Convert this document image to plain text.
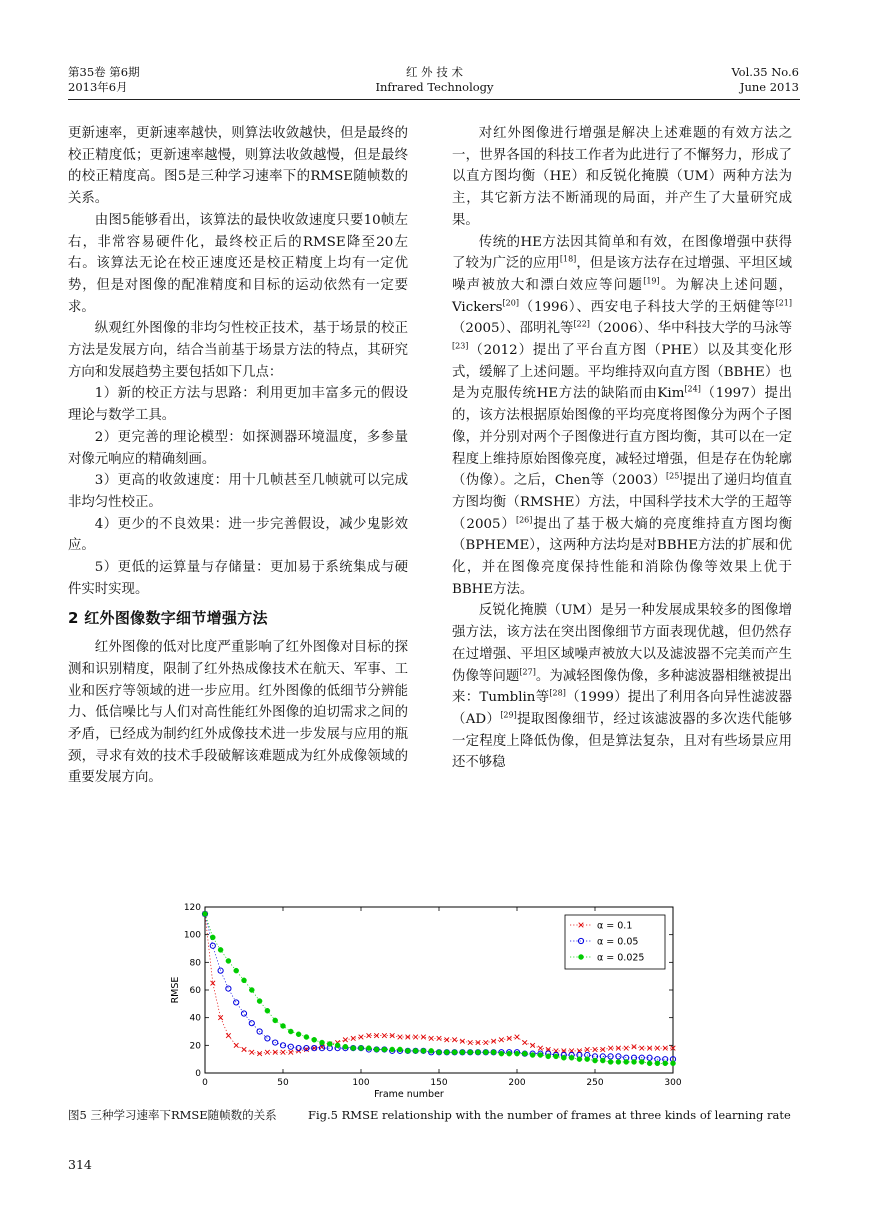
第35卷 第6期
2013年6月
红 外 技 术
Infrared Technology
Vol.35 No.6
June 2013

更新速率，更新速率越快，则算法收敛越快，但是最终的校正精度低；更新速率越慢，则算法收敛越慢，但是最终的校正精度高。图5是三种学习速率下的RMSE随帧数的关系。

由图5能够看出，该算法的最快收敛速度只要10帧左右，非常容易硬件化，最终校正后的RMSE降至20左右。该算法无论在校正速度还是校正精度上均有一定优势，但是对图像的配准精度和目标的运动依然有一定要求。

纵观红外图像的非均匀性校正技术，基于场景的校正方法是发展方向，结合当前基于场景方法的特点，其研究方向和发展趋势主要包括如下几点：

1）新的校正方法与思路：利用更加丰富多元的假设理论与数学工具。

2）更完善的理论模型：如探测器环境温度，多参量对像元响应的精确刻画。

3）更高的收敛速度：用十几帧甚至几帧就可以完成非均匀性校正。

4）更少的不良效果：进一步完善假设，减少鬼影效应。

5）更低的运算量与存储量：更加易于系统集成与硬件实时实现。

2 红外图像数字细节增强方法

红外图像的低对比度严重影响了红外图像对目标的探测和识别精度，限制了红外热成像技术在航天、军事、工业和医疗等领域的进一步应用。红外图像的低细节分辨能力、低信噪比与人们对高性能红外图像的迫切需求之间的矛盾，已经成为制约红外成像技术进一步发展与应用的瓶颈，寻求有效的技术手段破解该难题成为红外成像领域的重要发展方向。

对红外图像进行增强是解决上述难题的有效方法之一，世界各国的科技工作者为此进行了不懈努力，形成了以直方图均衡（HE）和反锐化掩膜（UM）两种方法为主，其它新方法不断涌现的局面，并产生了大量研究成果。

传统的HE方法因其简单和有效，在图像增强中获得了较为广泛的应用[18]，但是该方法存在过增强、平坦区域噪声被放大和漂白效应等问题[19]。为解决上述问题，Vickers[20]（1996）、西安电子科技大学的王炳健等[21]（2005）、邵明礼等[22]（2006）、华中科技大学的马泳等[23]（2012）提出了平台直方图（PHE）以及其变化形式，缓解了上述问题。平均维持双向直方图（BBHE）也是为克服传统HE方法的缺陷而由Kim[24]（1997）提出的，该方法根据原始图像的平均亮度将图像分为两个子图像，并分别对两个子图像进行直方图均衡，其可以在一定程度上维持原始图像亮度，减轻过增强，但是存在伪轮廓（伪像）。之后，Chen等（2003）[25]提出了递归均值直方图均衡（RMSHE）方法，中国科学技术大学的王超等（2005）[26]提出了基于极大熵的亮度维持直方图均衡（BPHEME），这两种方法均是对BBHE方法的扩展和优化，并在图像亮度保持性能和消除伪像等效果上优于BBHE方法。

反锐化掩膜（UM）是另一种发展成果较多的图像增强方法，该方法在突出图像细节方面表现优越，但仍然存在过增强、平坦区域噪声被放大以及滤波器不完美而产生伪像等问题[27]。为减轻图像伪像，多种滤波器相继被提出来：Tumblin等[28]（1999）提出了利用各向异性滤波器（AD）[29]提取图像细节，经过该滤波器的多次迭代能够一定程度上降低伪像，但是算法复杂，且对有些场景应用还不够稳

0	50	100	150	200	250	300
0
20
40
60
80
100
120
Frame number
RMSE
α = 0.1
α = 0.05
α = 0.025
图5 三种学习速率下RMSE随帧数的关系	Fig.5 RMSE relationship with the number of frames at three kinds of learning rate
314
